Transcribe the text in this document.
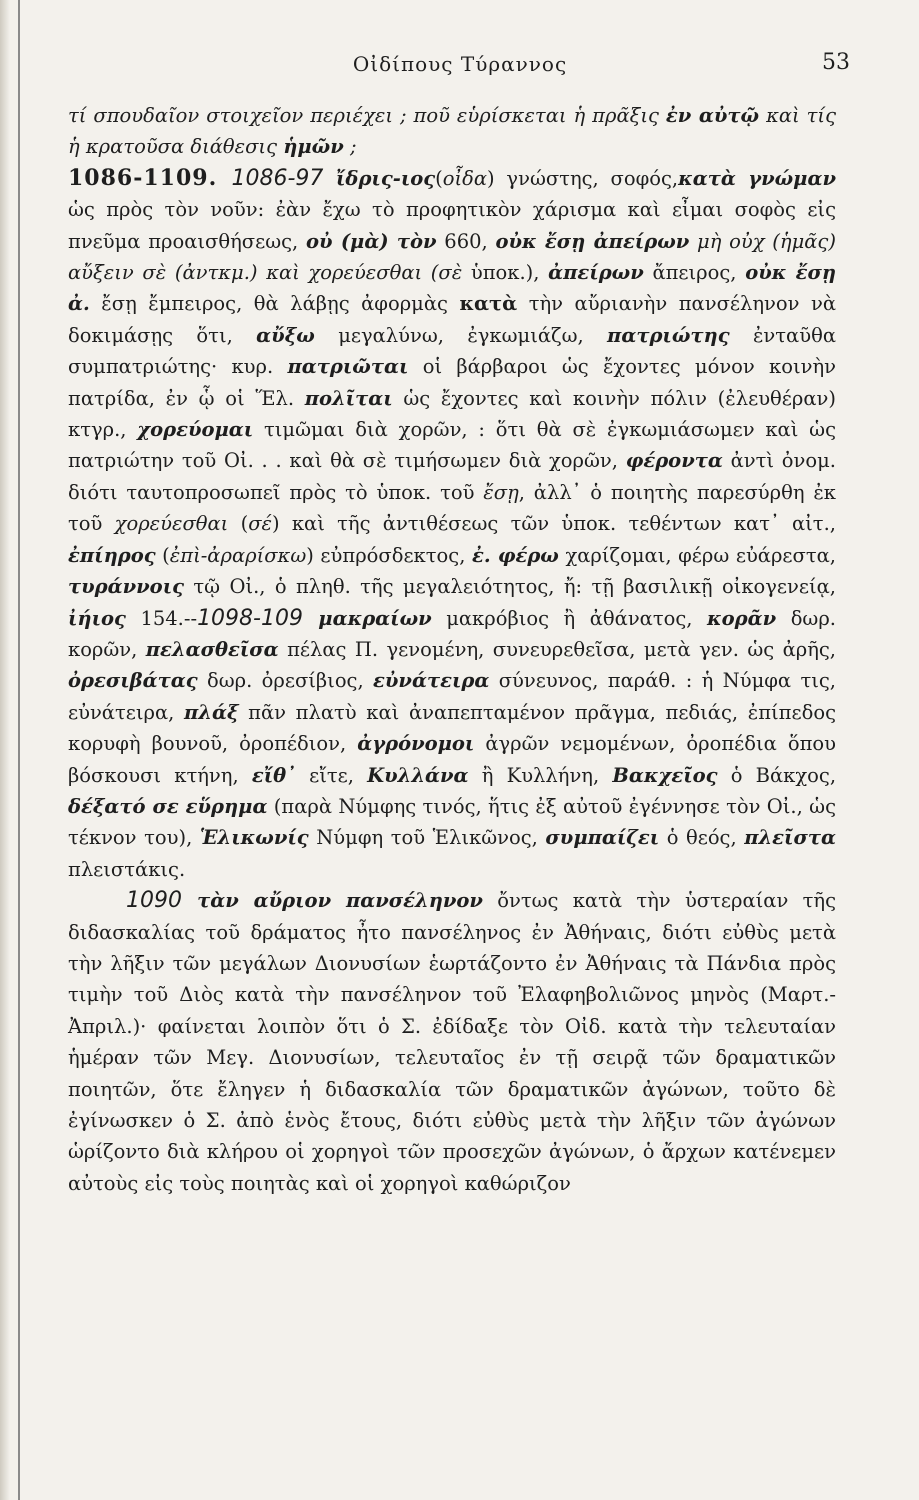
Οἰδίπους Τύραννος	53

τί σπουδαῖον στοιχεῖον περιέχει ; ποῦ εὑρίσκεται ἡ πρᾶξις ἐν αὐτῷ καὶ τίς ἡ κρατοῦσα διάθεσις ἡμῶν ;

1086-1109. 1086-97 ἴδρις-ιος(οἶδα) γνώστης, σοφός,κατὰ γνώμαν ὡς πρὸς τὸν νοῦν: ἐὰν ἔχω τὸ προφητικὸν χάρισμα καὶ εἶμαι σοφὸς εἰς πνεῦμα προαισθήσεως, οὐ (μὰ) τὸν 660, οὐκ ἔσῃ ἀπείρων μὴ οὐχ (ἡμᾶς) αὔξειν σὲ (ἀντκμ.) καὶ χορεύεσθαι (σὲ ὑποκ.), ἀπείρων ἄπειρος, οὐκ ἔσῃ ἀ. ἔσῃ ἔμπειρος, θὰ λάβῃς ἀφορμὰς κατὰ τὴν αὔριανὴν πανσέληνον νὰ δοκιμάσῃς ὅτι, αὔξω μεγαλύνω, ἐγκωμιάζω, πατριώτης ἐνταῦθα συμπατριώτης· κυρ. πατριῶται οἱ βάρβαροι ὡς ἔχοντες μόνον κοινὴν πατρίδα, ἐν ᾧ οἱ Ἕλ. πολῖται ὡς ἔχοντες καὶ κοινὴν πόλιν (ἐλευθέραν) κτγρ., χορεύομαι τιμῶμαι διὰ χορῶν, : ὅτι θὰ σὲ ἐγκωμιάσωμεν καὶ ὡς πατριώτην τοῦ Οἰ. . . καὶ θὰ σὲ τιμήσωμεν διὰ χορῶν, φέροντα ἀντὶ ὀνομ. διότι ταυτοπροσωπεῖ πρὸς τὸ ὑποκ. τοῦ ἔσῃ, ἀλλ᾽ ὁ ποιητὴς παρεσύρθη ἐκ τοῦ χορεύεσθαι (σέ) καὶ τῆς ἀντιθέσεως τῶν ὑποκ. τεθέντων κατ᾽ αἰτ., ἐπίηρος (ἐπὶ-ἀραρίσκω) εὐπρόσδεκτος, ἐ. φέρω χαρίζομαι, φέρω εὐάρεστα, τυράννοις τῷ Οἰ., ὁ πληθ. τῆς μεγαλειότητος, ἤ: τῇ βασιλικῇ οἰκογενείᾳ, ἰήιος 154.--1098-109 μακραίων μακρόβιος ἢ ἀθάνατος, κορᾶν δωρ. κορῶν, πελασθεῖσα πέλας Π. γενομένη, συνευρεθεῖσα, μετὰ γεν. ὡς ἀρῆς, ὀρεσιβάτας δωρ. ὀρεσίβιος, εὐνάτειρα σύνευνος, παράθ. : ἡ Νύμφα τις, εὐνάτειρα, πλάξ πᾶν πλατὺ καὶ ἀναπεπταμένον πρᾶγμα, πεδιάς, ἐπίπεδος κορυφὴ βουνοῦ, ὀροπέδιον, ἀγρόνομοι ἀγρῶν νεμομένων, ὀροπέδια ὅπου βόσκουσι κτήνη, εἴθ᾽ εἴτε, Κυλλάνα ἢ Κυλλήνη, Βακχεῖος ὁ Βάκχος, δέξατό σε εὕρημα (παρὰ Νύμφης τινός, ἥτις ἐξ αὐτοῦ ἐγέννησε τὸν Οἰ., ὡς τέκνον του), Ἑλικωνίς Νύμφη τοῦ Ἑλικῶνος, συμπαίζει ὁ θεός, πλεῖστα πλειστάκις.

1090 τὰν αὔριον πανσέληνον ὄντως κατὰ τὴν ὑστεραίαν τῆς διδασκαλίας τοῦ δράματος ἦτο πανσέληνος ἐν Ἀθήναις, διότι εὐθὺς μετὰ τὴν λῆξιν τῶν μεγάλων Διονυσίων ἑωρτάζοντο ἐν Ἀθήναις τὰ Πάνδια πρὸς τιμὴν τοῦ Διὸς κατὰ τὴν πανσέληνον τοῦ Ἐλαφηβολιῶνος μηνὸς (Μαρτ.-Ἀπριλ.)· φαίνεται λοιπὸν ὅτι ὁ Σ. ἐδίδαξε τὸν Οἰδ. κατὰ τὴν τελευταίαν ἡμέραν τῶν Μεγ. Διονυσίων, τελευταῖος ἐν τῇ σειρᾷ τῶν δραματικῶν ποιητῶν, ὅτε ἔληγεν ἡ διδασκαλία τῶν δραματικῶν ἀγώνων, τοῦτο δὲ ἐγίνωσκεν ὁ Σ. ἀπὸ ἑνὸς ἔτους, διότι εὐθὺς μετὰ τὴν λῆξιν τῶν ἀγώνων ὡρίζοντο διὰ κλήρου οἱ χορηγοὶ τῶν προσεχῶν ἀγώνων, ὁ ἄρχων κατένεμεν αὐτοὺς εἰς τοὺς ποιητὰς καὶ οἱ χορηγοὶ καθώριζον
